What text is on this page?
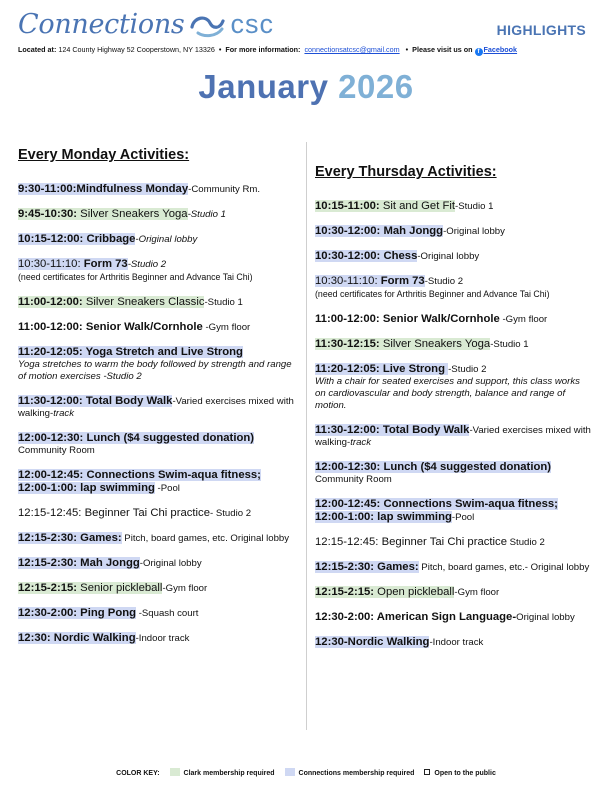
Connections csc	HIGHLIGHTS
Located at: 124 County Highway 52 Cooperstown, NY 13326 • For more information: connectionsatcsc@gmail.com • Please visit us on f Facebook
January 2026
Every Monday Activities:
9:30-11:00:Mindfulness Monday-Community Rm.
9:45-10:30: Silver Sneakers Yoga-Studio 1
10:15-12:00: Cribbage-Original lobby
10:30-11:10: Form 73-Studio 2
(need certificates for Arthritis Beginner and Advance Tai Chi)
11:00-12:00: Silver Sneakers Classic-Studio 1
11:00-12:00: Senior Walk/Cornhole -Gym floor
11:20-12:05: Yoga Stretch and Live Strong
Yoga stretches to warm the body followed by strength and range of motion exercises -Studio 2
11:30-12:00: Total Body Walk-Varied exercises mixed with walking-track
12:00-12:30: Lunch ($4 suggested donation)
Community Room
12:00-12:45: Connections Swim-aqua fitness;
12:00-1:00: lap swimming -Pool
12:15-12:45: Beginner Tai Chi practice- Studio 2
12:15-2:30: Games: Pitch, board games, etc. Original lobby
12:15-2:30: Mah Jongg-Original lobby
12:15-2:15: Senior pickleball-Gym floor
12:30-2:00: Ping Pong -Squash court
12:30: Nordic Walking-Indoor track
Every Thursday Activities:
10:15-11:00: Sit and Get Fit-Studio 1
10:30-12:00: Mah Jongg-Original lobby
10:30-12:00: Chess-Original lobby
10:30-11:10: Form 73-Studio 2
(need certificates for Arthritis Beginner and Advance Tai Chi)
11:00-12:00: Senior Walk/Cornhole -Gym floor
11:30-12:15: Silver Sneakers Yoga-Studio 1
11:20-12:05: Live Strong -Studio 2
With a chair for seated exercises and support, this class works on cardiovascular and body strength, balance and range of motion.
11:30-12:00: Total Body Walk-Varied exercises mixed with walking-track
12:00-12:30: Lunch ($4 suggested donation)
Community Room
12:00-12:45: Connections Swim-aqua fitness;
12:00-1:00: lap swimming-Pool
12:15-12:45: Beginner Tai Chi practice Studio 2
12:15-2:30: Games: Pitch, board games, etc.- Original lobby
12:15-2:15: Open pickleball-Gym floor
12:30-2:00: American Sign Language-Original lobby
12:30-Nordic Walking-Indoor track
COLOR KEY:	Clark membership required	Connections membership required	Open to the public
